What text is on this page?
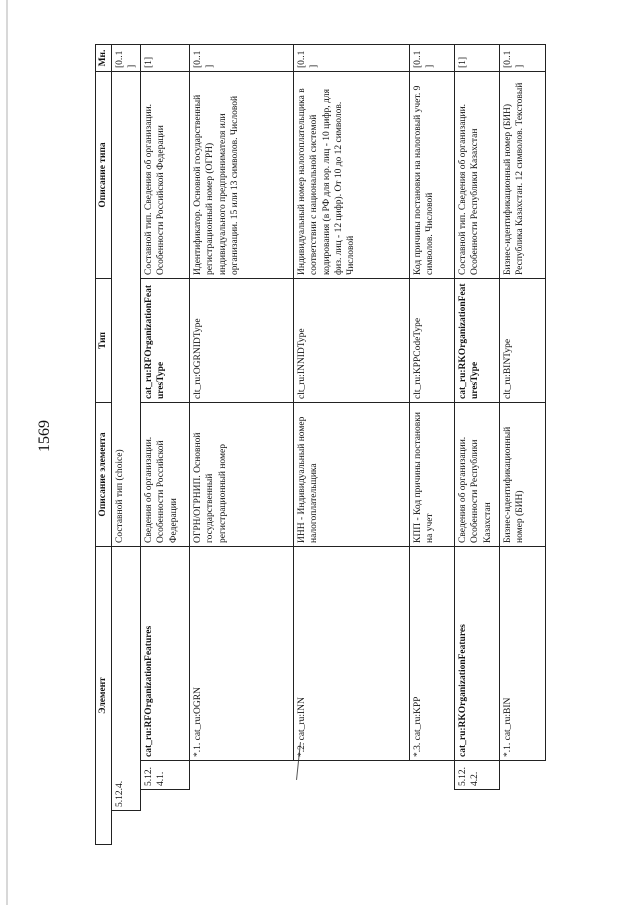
1569
Элемент				Описание элемента	Тип	Описание типа	Мн.
	5.12.4.			Составной тип (choice)			[0..1]
		5.12.4.1.	cat_ru:RFOrganizationFeatures	Сведения об организации. Особенности Российской Федерации	cat_ru:RFOrganizationFeaturesType	Составной тип. Сведения об организации. Особенности Российской Федерации	[1]
			*.1. cat_ru:OGRN	ОГРН/ОГРНИП. Основной государственный регистрационный номер	clt_ru:OGRNIDType	Идентификатор. Основной государственный регистрационный номер (ОГРН) индивидуального предпринимателя или организации. 15 или 13 символов. Числовой	[0..1]
			*.2. cat_ru:INN	ИНН - Индивидуальный номер налогоплательщика	clt_ru:INNIDType	Индивидуальный номер налогоплательщика в соответствии с национальной системой кодирования (в РФ для юр. лиц - 10 цифр, для физ. лиц - 12 цифр). От 10 до 12 символов. Числовой	[0..1]
			*.3. cat_ru:KPP	КПП - Код причины постановки на учет	clt_ru:KPPCodeType	Код причины постановки на налоговый учет. 9 символов. Числовой	[0..1]
		5.12.4.2.	cat_ru:RKOrganizationFeatures	Сведения об организации. Особенности Республики Казахстан	cat_ru:RKOrganizationFeaturesType	Составной тип. Сведения об организации. Особенности Республики Казахстан	[1]
			*.1. cat_ru:BIN	Бизнес-идентификационный номер (БИН)	clt_ru:BINType	Бизнес-идентификационный номер (БИН) Республика Казахстан. 12 символов. Текстовый	[0..1]
